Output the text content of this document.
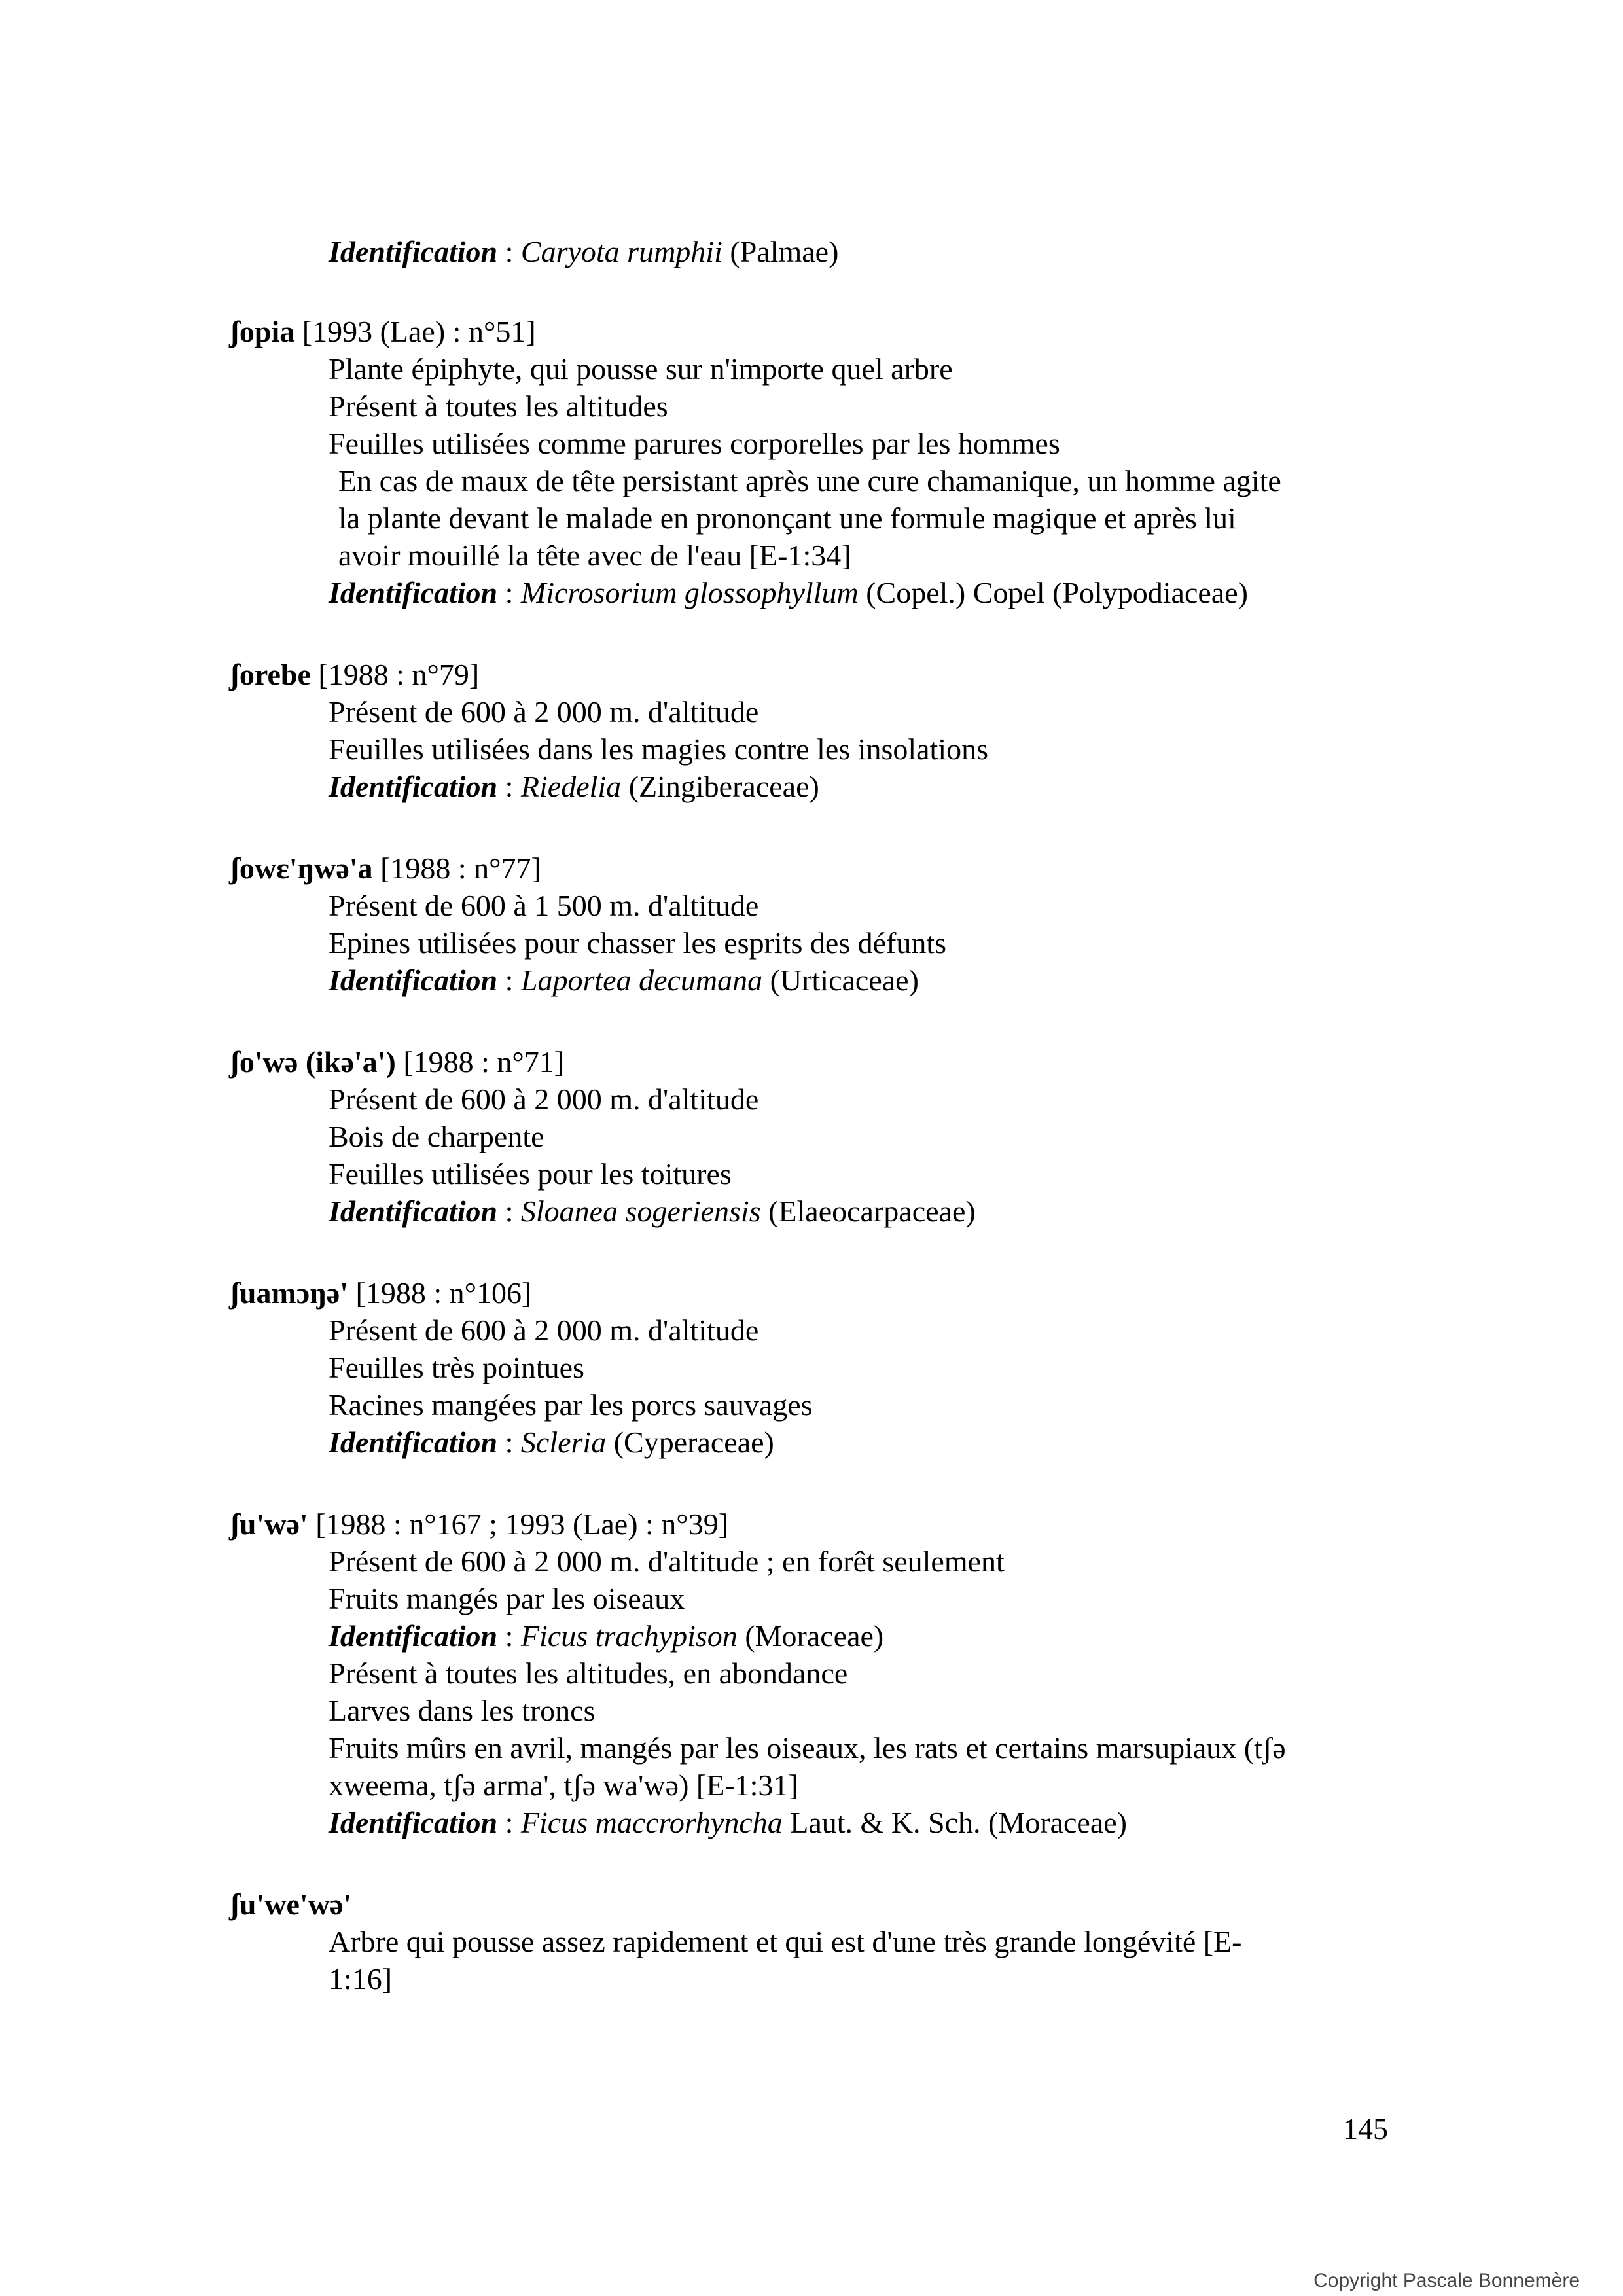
Identification : Caryota rumphii (Palmae)
ʃopia [1993 (Lae) : n°51]
Plante épiphyte, qui pousse sur n'importe quel arbre
Présent à toutes les altitudes
Feuilles utilisées comme parures corporelles par les hommes
En cas de maux de tête persistant après une cure chamanique, un homme agite
la plante devant le malade en prononçant une formule magique et après lui
avoir mouillé la tête avec de l'eau [E-1:34]
Identification : Microsorium glossophyllum (Copel.) Copel (Polypodiaceae)
ʃorebe [1988 : n°79]
Présent de 600 à 2 000 m. d'altitude
Feuilles utilisées dans les magies contre les insolations
Identification : Riedelia (Zingiberaceae)
ʃowɛ'ŋwə'a [1988 : n°77]
Présent de 600 à 1 500 m. d'altitude
Epines utilisées pour chasser les esprits des défunts
Identification : Laportea decumana (Urticaceae)
ʃo'wə (ikə'a') [1988 : n°71]
Présent de 600 à 2 000 m. d'altitude
Bois de charpente
Feuilles utilisées pour les toitures
Identification : Sloanea sogeriensis (Elaeocarpaceae)
ʃuamɔŋə' [1988 : n°106]
Présent de 600 à 2 000 m. d'altitude
Feuilles très pointues
Racines mangées par les porcs sauvages
Identification : Scleria (Cyperaceae)
ʃu'wə' [1988 : n°167 ; 1993 (Lae) : n°39]
Présent de 600 à 2 000 m. d'altitude ; en forêt seulement
Fruits mangés par les oiseaux
Identification : Ficus trachypison (Moraceae)
Présent à toutes les altitudes, en abondance
Larves dans les troncs
Fruits mûrs en avril, mangés par les oiseaux, les rats et certains marsupiaux (tʃə
xweema, tʃə arma', tʃə wa'wə) [E-1:31]
Identification : Ficus maccrorhyncha Laut. & K. Sch. (Moraceae)
ʃu'we'wə'
Arbre qui pousse assez rapidement et qui est d'une très grande longévité [E-
1:16]
145
Copyright Pascale Bonnemère
